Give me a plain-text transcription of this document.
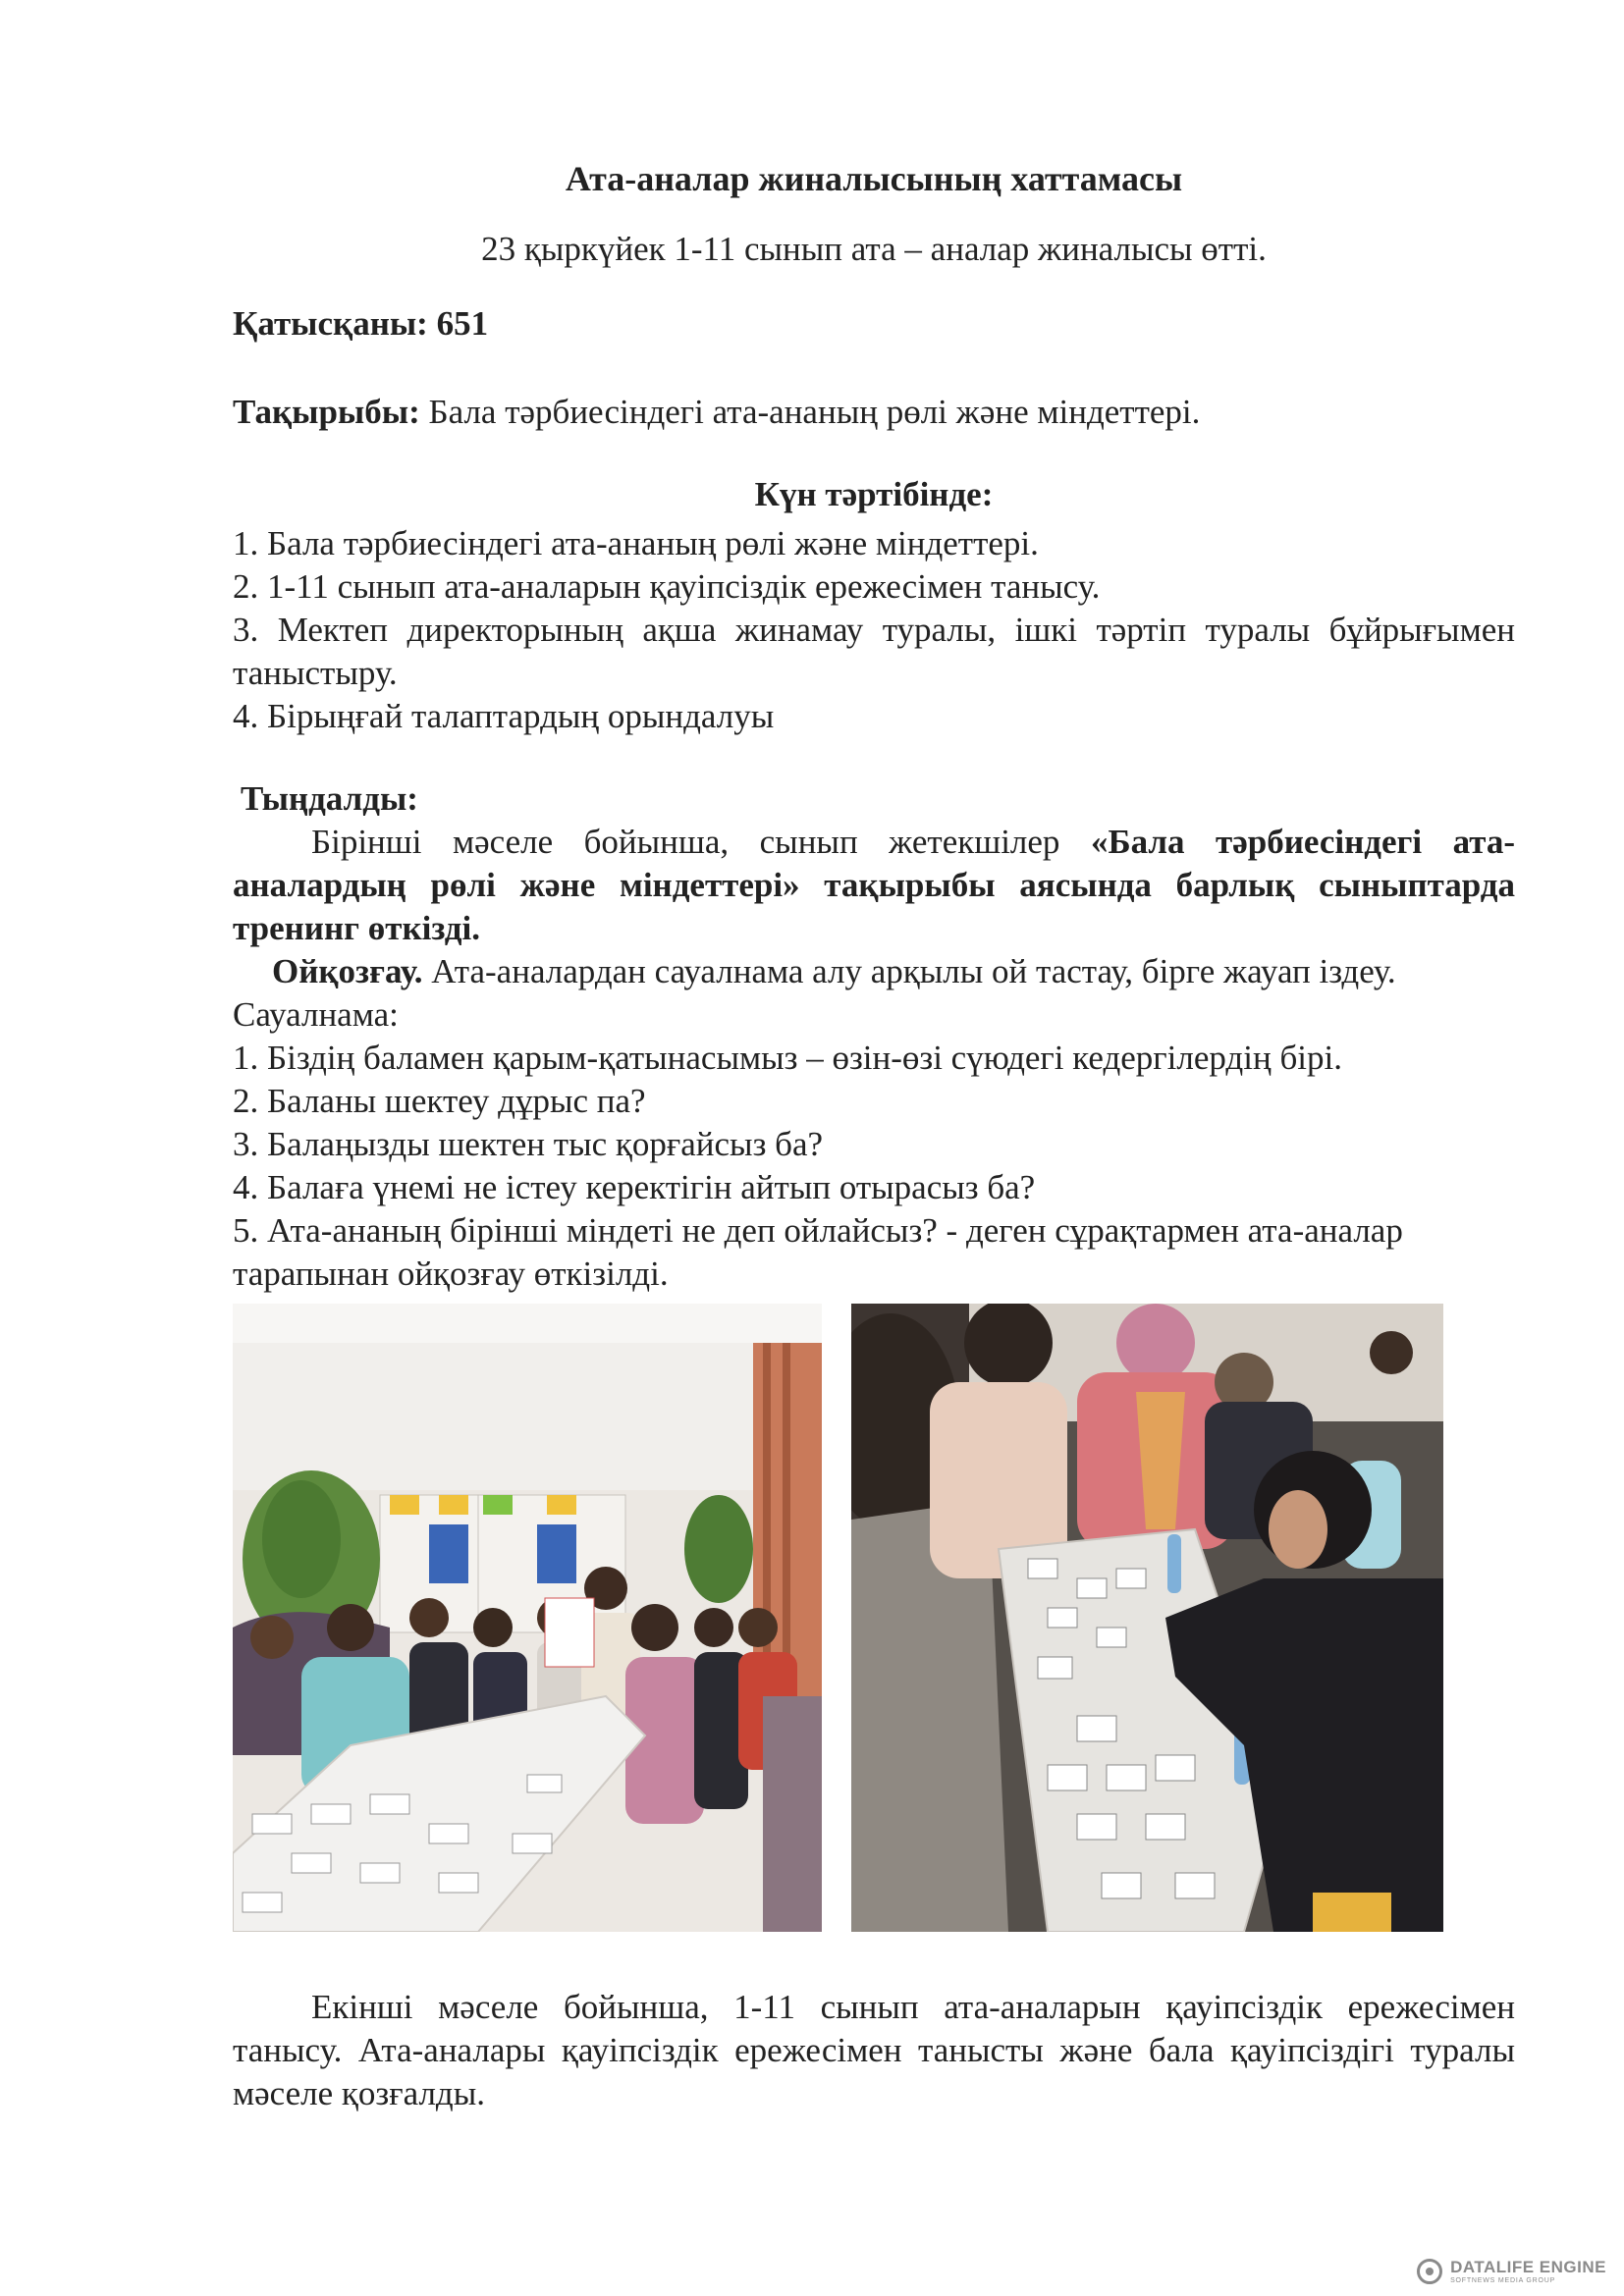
Ата-аналар жиналысының хаттамасы

23 қыркүйек 1-11 сынып ата – аналар жиналысы өтті.

Қатысқаны: 651

Тақырыбы: Бала тәрбиесіндегі ата-ананың рөлі және міндеттері.

Күн тәртібінде:

1. Бала тәрбиесіндегі ата-ананың рөлі және міндеттері.

2. 1-11 сынып ата-аналарын қауіпсіздік ережесімен танысу.

3. Мектеп директорының ақша жинамау туралы, ішкі тәртіп туралы бұйрығымен таныстыру.

4. Бірыңғай талаптардың орындалуы

Тыңдалды:

Бірінші мәселе бойынша, сынып жетекшілер «Бала тәрбиесіндегі ата-аналардың рөлі және міндеттері» тақырыбы аясында барлық сыныптарда тренинг өткізді.

Ойқозғау. Ата-аналардан сауалнама алу арқылы ой тастау, бірге жауап іздеу.

Сауалнама:

1. Біздің баламен қарым-қатынасымыз – өзін-өзі сүюдегі кедергілердің бірі.

2. Баланы шектеу дұрыс па?

3. Балаңызды шектен тыс қорғайсыз ба?

4. Балаға үнемі не істеу керектігін айтып отырасыз ба?

5. Ата-ананың бірінші міндеті не деп ойлайсыз? - деген сұрақтармен ата-аналар тарапынан ойқозғау өткізілді.

Екінші мәселе бойынша, 1-11 сынып ата-аналарын қауіпсіздік ережесімен танысу. Ата-аналары қауіпсіздік ережесімен танысты және бала қауіпсіздігі туралы мәселе қозғалды.

DATALIFE ENGINE
SOFTNEWS MEDIA GROUP
